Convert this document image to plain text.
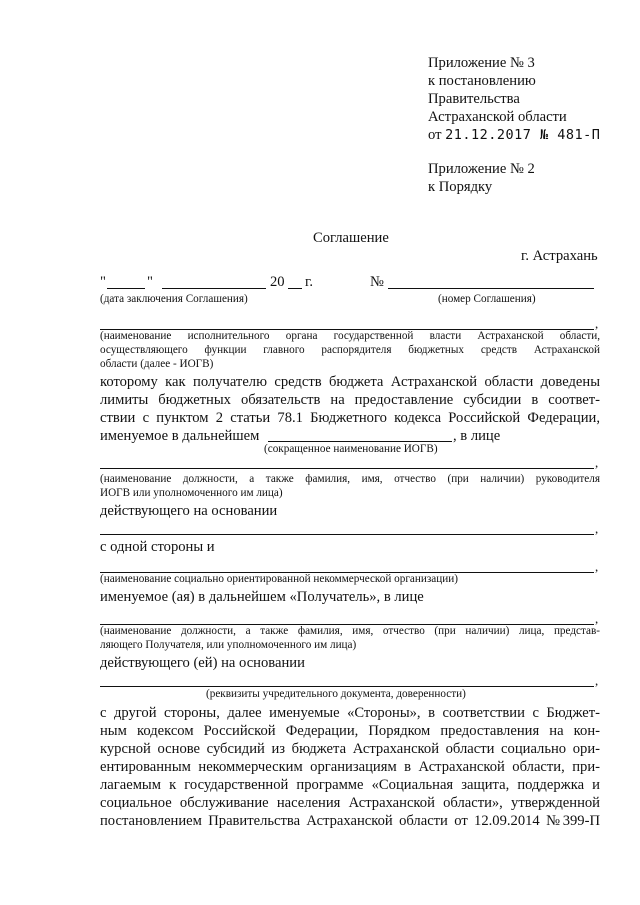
Приложение № 3
к постановлению
Правительства
Астраханской области
от 21.12.2017 № 481-П
Приложение № 2
к Порядку
Соглашение
г. Астрахань
"	"	20 г.	№
(дата заключения Соглашения)	(номер Соглашения)
,
(наименование исполнительного органа государственной власти Астраханской области,
осуществляющего функции главного распорядителя бюджетных средств Астраханской
области (далее - ИОГВ)
которому как получателю средств бюджета Астраханской области доведены
лимиты бюджетных обязательств на предоставление субсидии в соответ-
ствии с пунктом 2 статьи 78.1 Бюджетного кодекса Российской Федерации,
именуемое в дальнейшем	, в лице
(сокращенное наименование ИОГВ)
,
(наименование должности, а также фамилия, имя, отчество (при наличии) руководителя
ИОГВ или уполномоченного им лица)
действующего на основании
,
с одной стороны и
,
(наименование социально ориентированной некоммерческой организации)
именуемое (ая) в дальнейшем «Получатель», в лице
,
(наименование должности, а также фамилия, имя, отчество (при наличии) лица, представ-
ляющего Получателя, или уполномоченного им лица)
действующего (ей) на основании
,
(реквизиты учредительного документа, доверенности)
с другой стороны, далее именуемые «Стороны», в соответствии с Бюджет-
ным кодексом Российской Федерации, Порядком предоставления на кон-
курсной основе субсидий из бюджета Астраханской области социально ори-
ентированным некоммерческим организациям в Астраханской области, при-
лагаемым к государственной программе «Социальная защита, поддержка и
социальное обслуживание населения Астраханской области», утвержденной
постановлением Правительства Астраханской области от 12.09.2014 №399-П
